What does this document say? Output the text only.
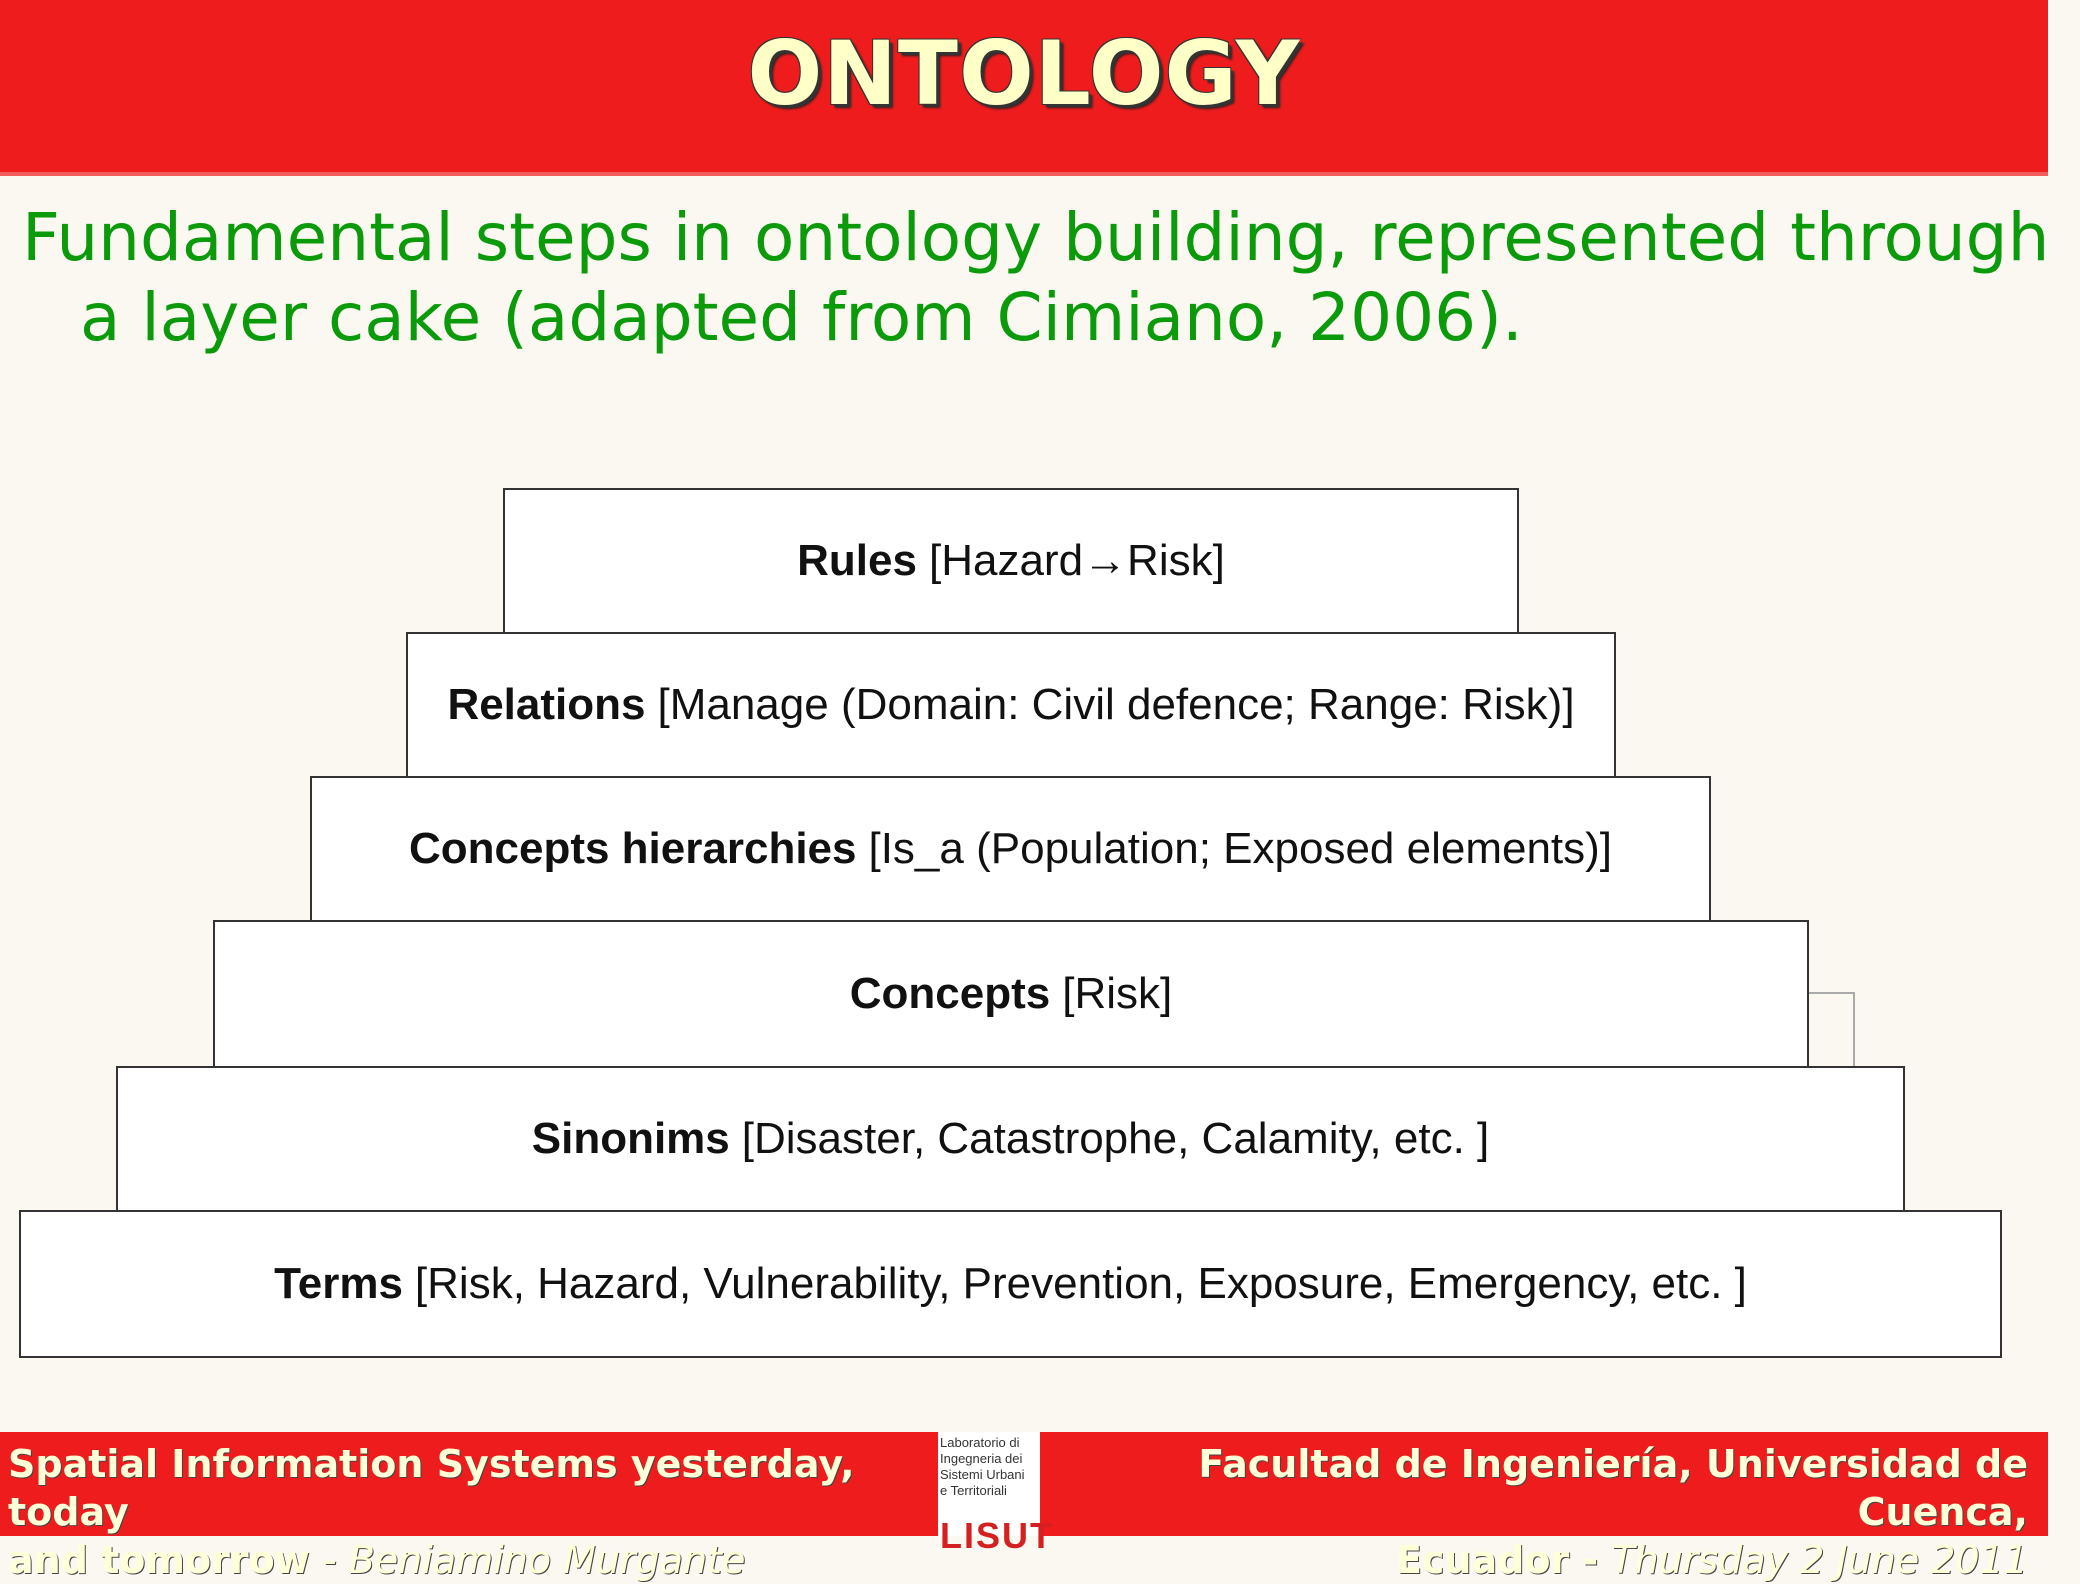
ONTOLOGY
Fundamental steps in ontology building, represented through a layer cake (adapted from Cimiano, 2006).
Rules [Hazard→Risk]
Relations [Manage (Domain: Civil defence; Range: Risk)]
Concepts hierarchies [Is_a (Population; Exposed elements)]
Concepts [Risk]
Sinonims [Disaster, Catastrophe, Calamity, etc. ]
Terms [Risk, Hazard, Vulnerability, Prevention, Exposure, Emergency, etc. ]
Spatial Information Systems yesterday, today
and tomorrow - Beniamino Murgante
Laboratorio di
Ingegneria dei
Sistemi Urbani
e Territoriali
LISUT
Facultad de Ingeniería, Universidad de Cuenca,
Ecuador - Thursday 2 June 2011
